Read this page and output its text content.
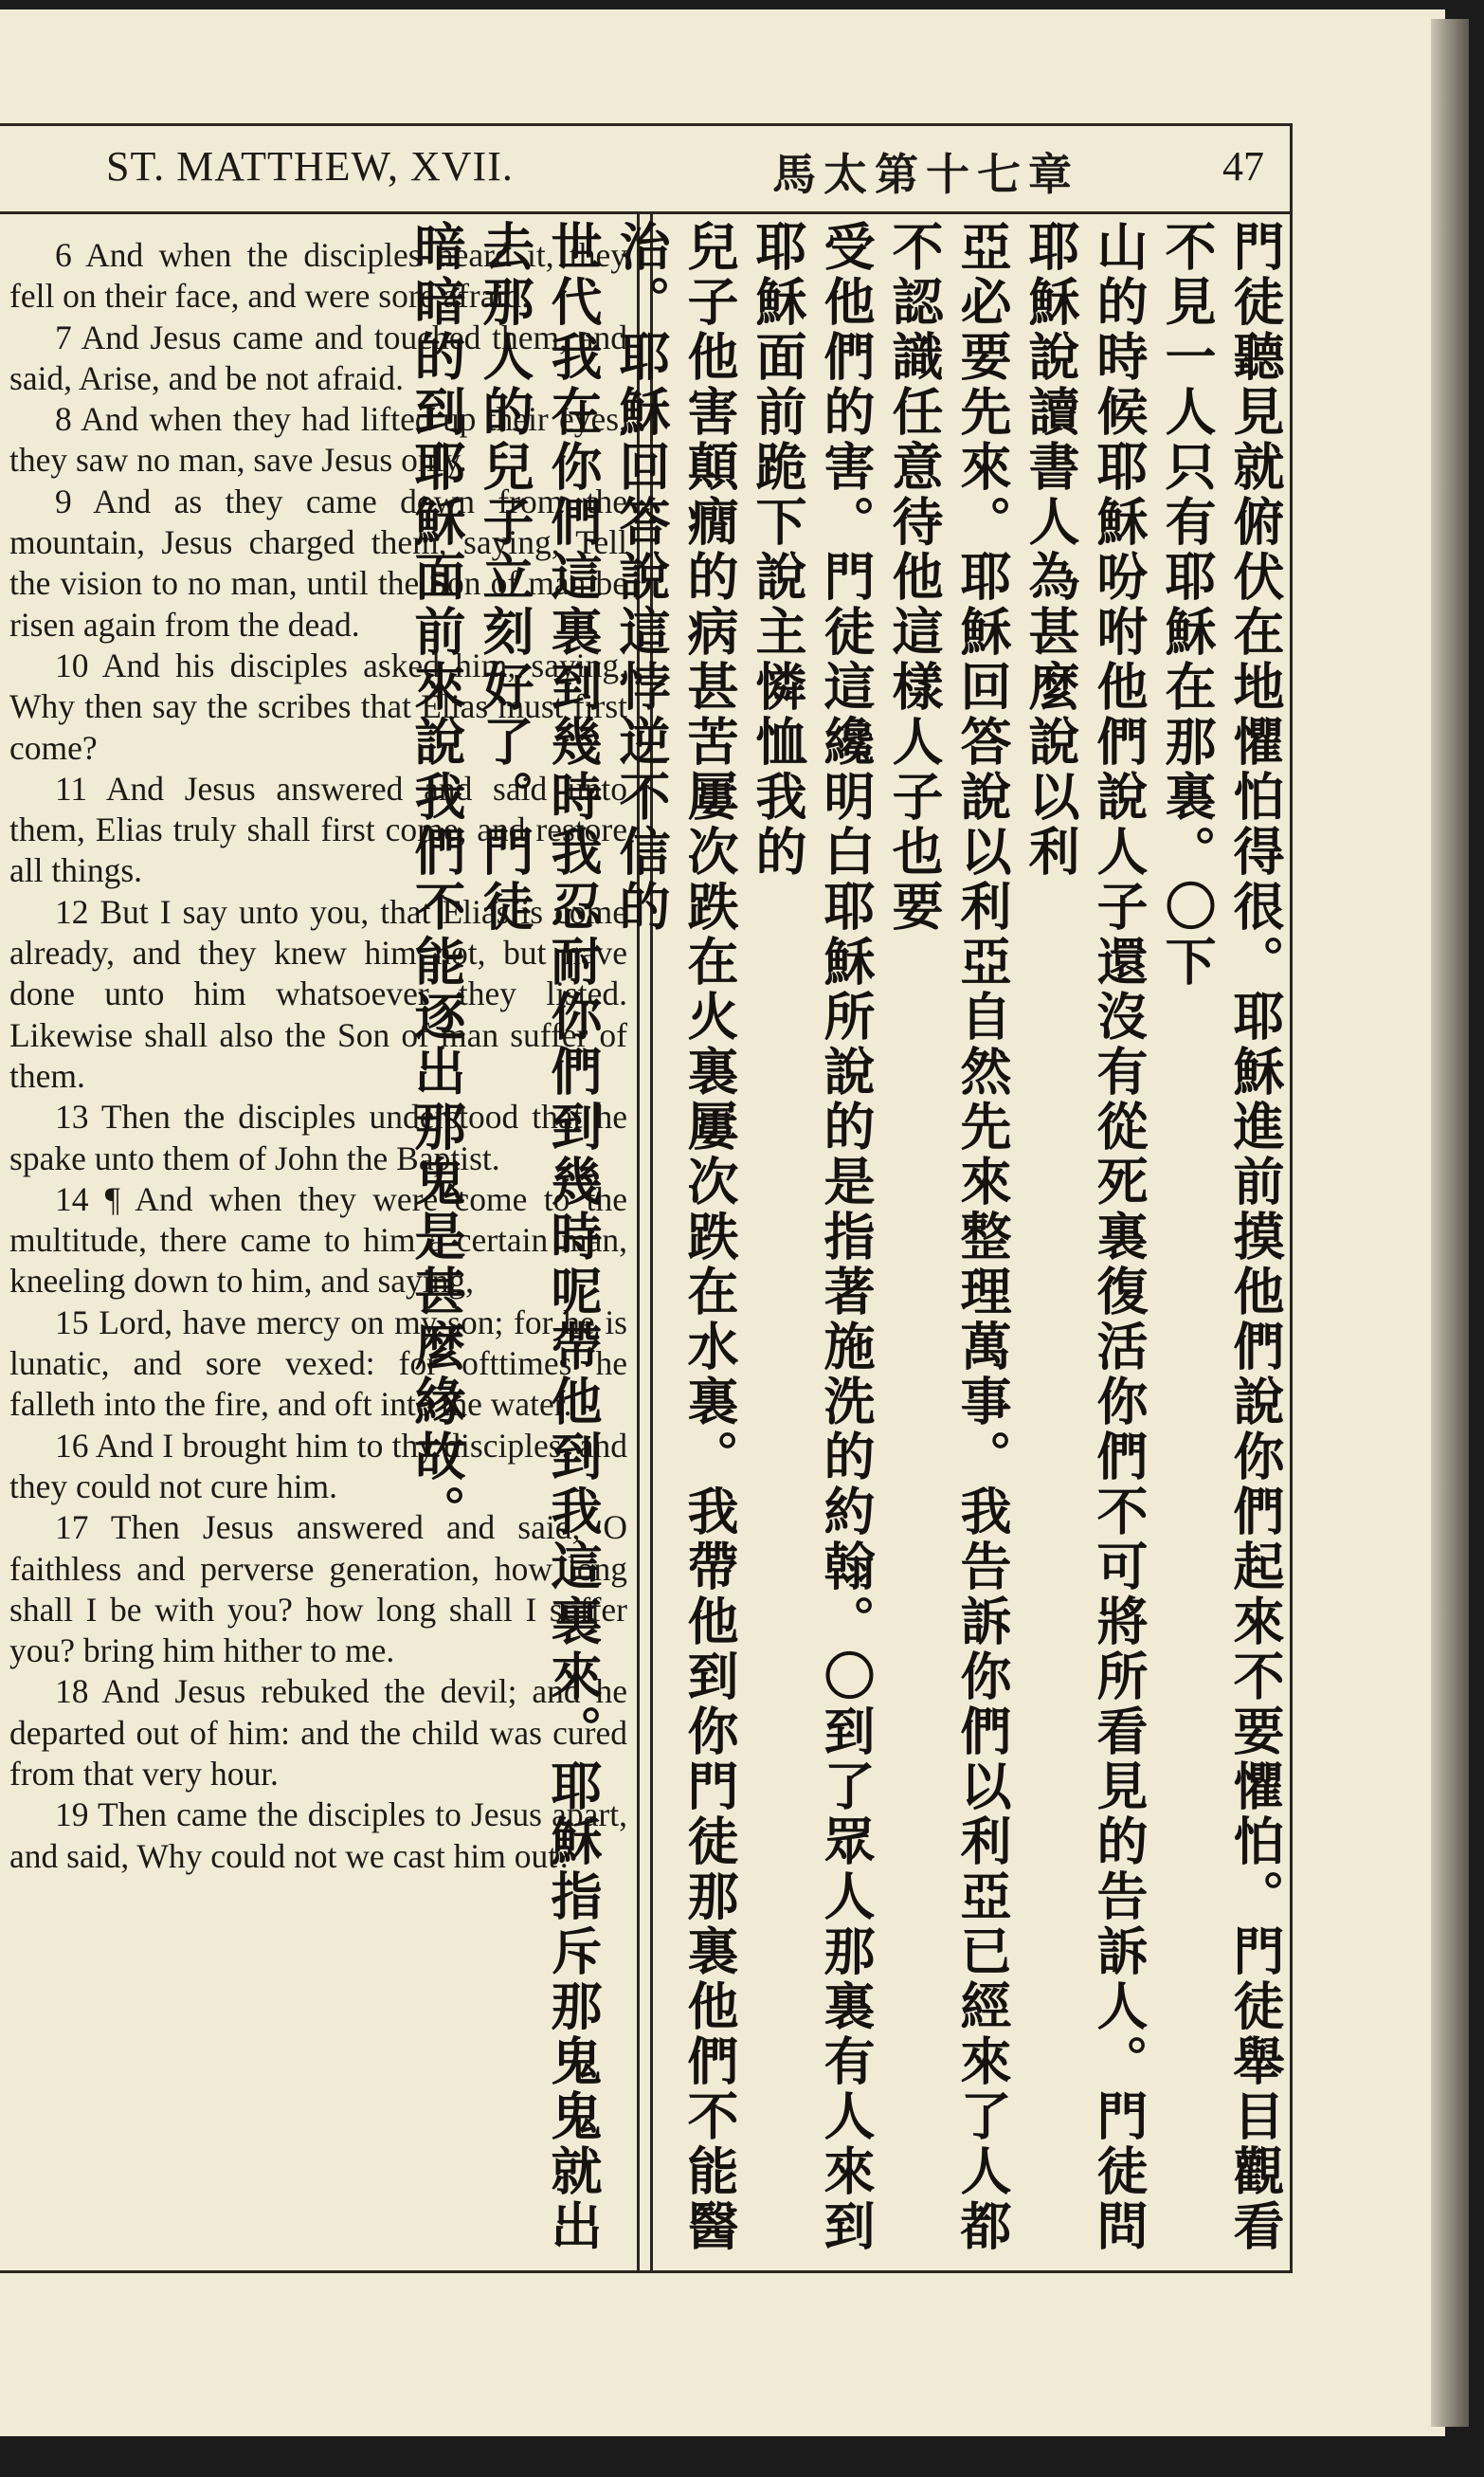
ST. MATTHEW, XVII.	馬太第十七章	47

6 And when the disciples heard it, they fell on their face, and were sore afraid.

7 And Jesus came and touched them, and said, Arise, and be not afraid.

8 And when they had lifted up their eyes, they saw no man, save Jesus only.

9 And as they came down from the mountain, Jesus charged them, saying, Tell the vision to no man, until the Son of man be risen again from the dead.

10 And his disciples asked him, saying, Why then say the scribes that Elias must first come?

11 And Jesus answered and said unto them, Elias truly shall first come, and restore all things.

12 But I say unto you, that Elias is come already, and they knew him not, but have done unto him whatsoever they listed. Likewise shall also the Son of man suffer of them.

13 Then the disciples understood that he spake unto them of John the Baptist.

14 ¶ And when they were come to the multitude, there came to him a certain man, kneeling down to him, and saying,

15 Lord, have mercy on my son; for he is lunatic, and sore vexed: for ofttimes he falleth into the fire, and oft into the water.

16 And I brought him to thy disciples, and they could not cure him.

17 Then Jesus answered and said, O faithless and perverse generation, how long shall I be with you? how long shall I suffer you? bring him hither to me.

18 And Jesus rebuked the devil; and he departed out of him: and the child was cured from that very hour.

19 Then came the disciples to Jesus apart, and said, Why could not we cast him out?	門徒聽見就俯伏在地懼怕得很。耶穌進前摸他們說你們起來不要懼怕。門徒舉目觀看不見一人只有耶穌在那裏。〇下
山的時候耶穌吩咐他們說人子還沒有從死裏復活你們不可將所看見的告訴人。門徒問耶穌說讀書人為甚麼說以利
亞必要先來。耶穌回答說以利亞自然先來整理萬事。我告訴你們以利亞已經來了人都不認識任意待他這樣人子也要
受他們的害。門徒這纔明白耶穌所說的是指著施洗的約翰。〇到了眾人那裏有人來到耶穌面前跪下說主憐恤我的
兒子他害顛癇的病甚苦屢次跌在火裏屢次跌在水裏。我帶他到你門徒那裏他們不能醫治。耶穌回答說這悖逆不信的
世代我在你們這裏到幾時我忍耐你們到幾時呢帶他到我這裏來。耶穌指斥那鬼鬼就出去那人的兒子立刻好了。門徒
暗暗的到耶穌面前來說我們不能逐出那鬼是甚麼緣故。
